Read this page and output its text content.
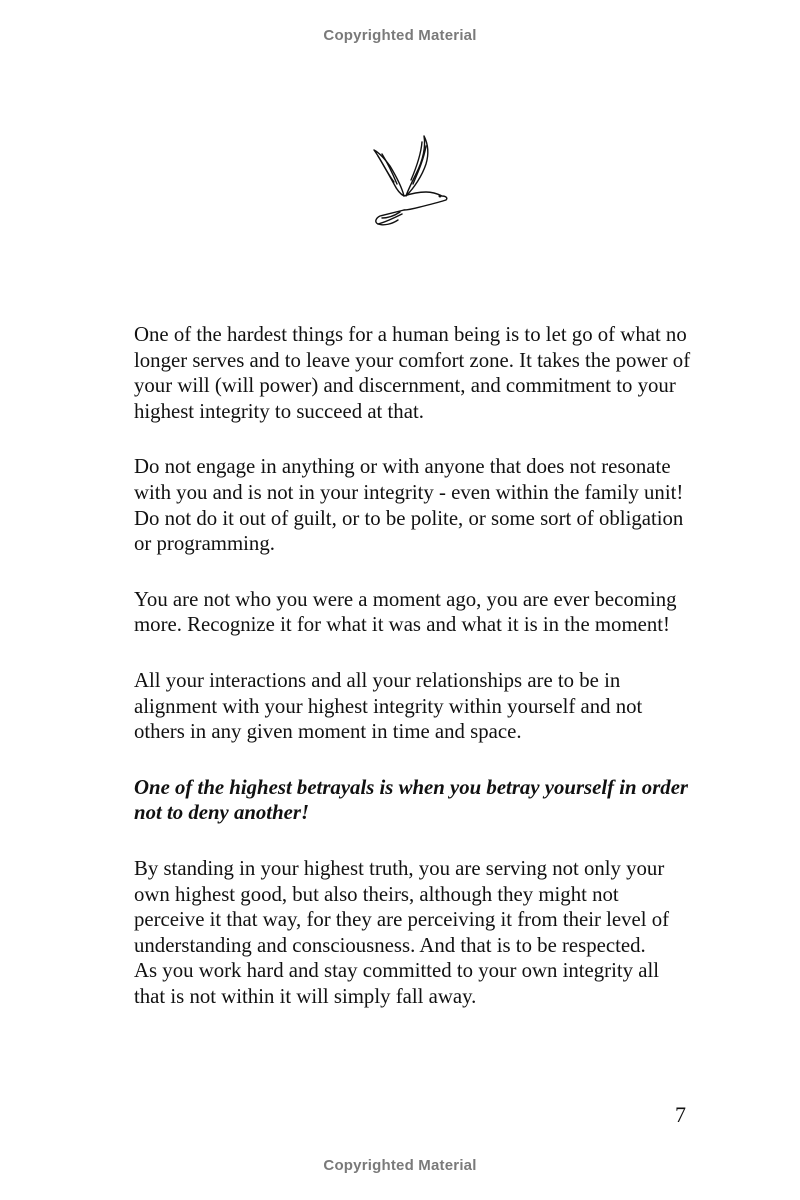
Copyrighted Material

One of the hardest things for a human being is to let go of what no longer serves and to leave your comfort zone. It takes the power of your will (will power) and discernment, and commitment to your highest integrity to succeed at that.

Do not engage in anything or with anyone that does not resonate with you and is not in your integrity - even within the family unit! Do not do it out of guilt, or to be polite, or some sort of obligation or programming.

You are not who you were a moment ago, you are ever becoming more. Recognize it for what it was and what it is in the moment!

All your interactions and all your relationships are to be in alignment with your highest integrity within yourself and not others in any given moment in time and space.

One of the highest betrayals is when you betray yourself in order not to deny another!

By standing in your highest truth, you are serving not only your own highest good, but also theirs, although they might not perceive it that way, for they are perceiving it from their level of understanding and consciousness. And that is to be respected.

As you work hard and stay committed to your own integrity all that is not within it will simply fall away.

7
Copyrighted Material
